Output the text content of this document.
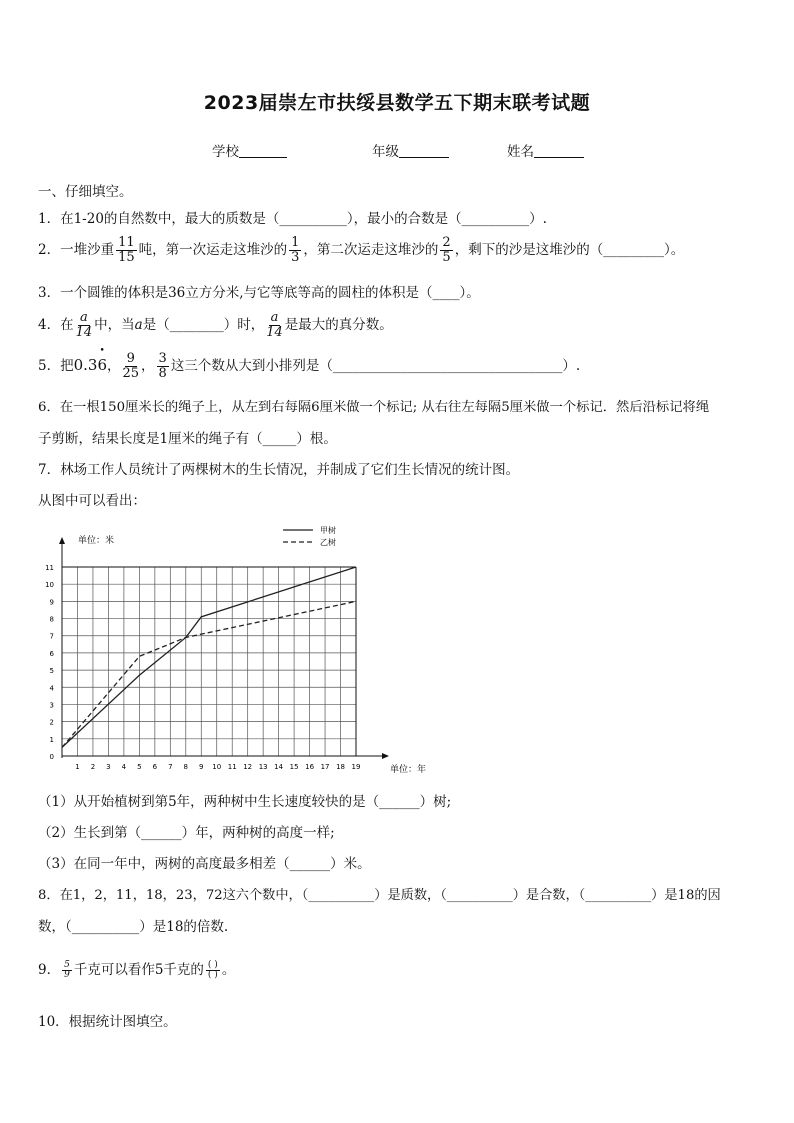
2023届崇左市扶绥县数学五下期末联考试题
学校	年级	姓名
一、仔细填空。
1．在1-20的自然数中，最大的质数是（__________），最小的合数是（__________）.
2．一堆沙重 $\frac{11}{15}$ 吨，第一次运走这堆沙的 $\frac{1}{3}$ ，第二次运走这堆沙的 $\frac{2}{5}$ ，剩下的沙是这堆沙的（_________）。
3．一个圆锥的体积是36立方分米,与它等底等高的圆柱的体积是（____）。
4．在 $\frac{a}{14}$ 中，当a是（________）时， $\frac{a}{14}$ 是最大的真分数。
5．把0.3• 6， $\frac{9}{25}$ ， $\frac{3}{8}$ 这三个数从大到小排列是（__________________________________）.
6．在一根150厘米长的绳子上，从左到右每隔6厘米做一个标记; 从右往左每隔5厘米做一个标记．然后沿标记将绳
子剪断，结果长度是1厘米的绳子有（_____）根。
7．林场工作人员统计了两棵树木的生长情况，并制成了它们生长情况的统计图。
从图中可以看出：
0
1
2
3
4
5
6
7
8
9
10
11
1 2 3 4 5 6 7 8 9 10 11 12 13 14 15 16 17 18 19
甲树
乙树
单位：米
单位：年
（1）从开始植树到第5年，两种树中生长速度较快的是（______）树;
（2）生长到第（______）年，两种树的高度一样;
（3）在同一年中，两树的高度最多相差（______）米。
8．在1，2，11，18，23，72这六个数中，（__________）是质数，（__________）是合数，（__________）是18的因
数，（__________）是18的倍数.
9． $\frac{5}{9}$ 千克可以看作5千克的 $\frac{( )}{( )}$ 。
10．根据统计图填空。
